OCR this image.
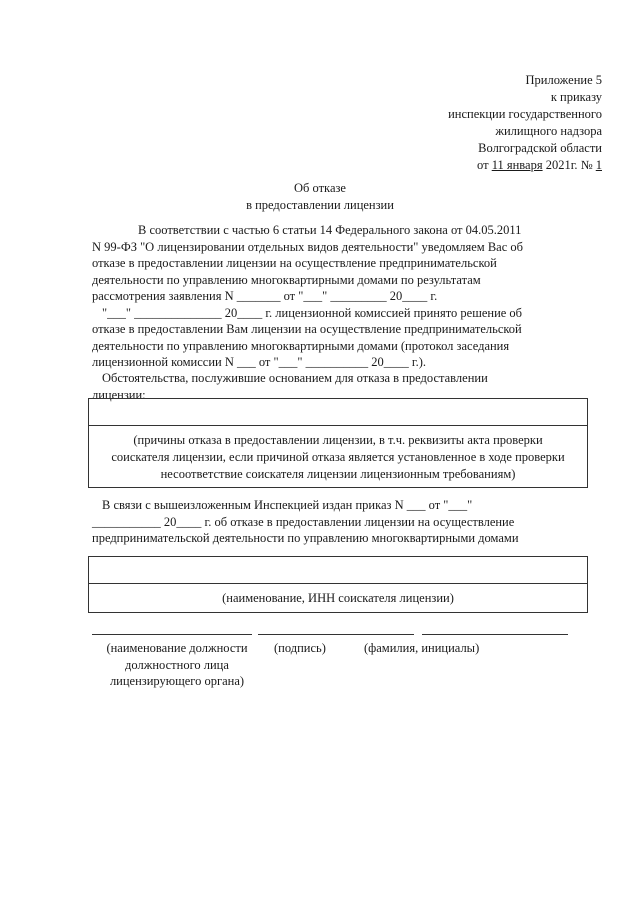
Приложение 5
к приказу
инспекции государственного
жилищного надзора
Волгоградской области
от 11 января 2021г. № 1
Об отказе
в предоставлении лицензии
В соответствии с частью 6 статьи 14 Федерального закона от 04.05.2011
N 99-ФЗ "О лицензировании отдельных видов деятельности" уведомляем Вас об
отказе в предоставлении лицензии на осуществление предпринимательской
деятельности по управлению многоквартирными домами по результатам
рассмотрения заявления N _______ от "___" _________ 20____ г.
"___" ______________ 20____ г. лицензионной комиссией принято решение об
отказе в предоставлении Вам лицензии на осуществление предпринимательской
деятельности по управлению многоквартирными домами (протокол заседания
лицензионной комиссии N ___ от "___" __________ 20____ г.).
Обстоятельства, послужившие основанием для отказа в предоставлении
лицензии:
(причины отказа в предоставлении лицензии, в т.ч. реквизиты акта проверки
соискателя лицензии, если причиной отказа является установленное в ходе проверки
несоответствие соискателя лицензии лицензионным требованиям)
В связи с вышеизложенным Инспекцией издан приказ N ___ от "___"
___________ 20____ г. об отказе в предоставлении лицензии на осуществление
предпринимательской деятельности по управлению многоквартирными домами
(наименование, ИНН соискателя лицензии)
(наименование должности
должностного лица
лицензирующего органа)
(подпись)	(фамилия, инициалы)
